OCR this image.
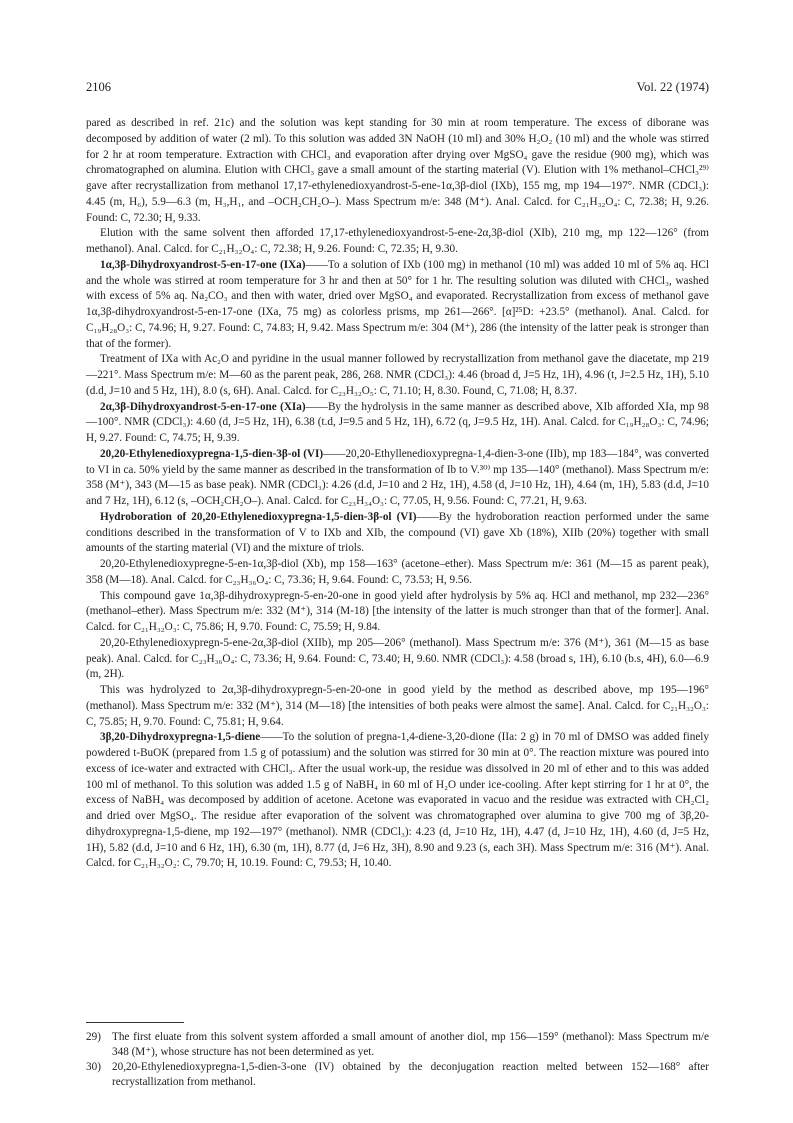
2106	Vol. 22 (1974)

pared as described in ref. 21c) and the solution was kept standing for 30 min at room temperature. The excess of diborane was decomposed by addition of water (2 ml). To this solution was added 3N NaOH (10 ml) and 30% H₂O₂ (10 ml) and the whole was stirred for 2 hr at room temperature. Extraction with CHCl₃ and evaporation after drying over MgSO₄ gave the residue (900 mg), which was chromatographed on alumina. Elution with CHCl₃ gave a small amount of the starting material (V). Elution with 1% methanol–CHCl₃²⁹⁾ gave after recrystallization from methanol 17,17-ethylenedioxyandrost-5-ene-1α,3β-diol (IXb), 155 mg, mp 194—197°. NMR (CDCl₃): 4.45 (m, H₆), 5.9—6.3 (m, H₃,H₁, and –OCH₂CH₂O–). Mass Spectrum m/e: 348 (M⁺). Anal. Calcd. for C₂₁H₃₂O₄: C, 72.38; H, 9.26. Found: C, 72.30; H, 9.33.

Elution with the same solvent then afforded 17,17-ethylenedioxyandrost-5-ene-2α,3β-diol (XIb), 210 mg, mp 122—126° (from methanol). Anal. Calcd. for C₂₁H₃₂O₄: C, 72.38; H, 9.26. Found: C, 72.35; H, 9.30.

1α,3β-Dihydroxyandrost-5-en-17-one (IXa)——To a solution of IXb (100 mg) in methanol (10 ml) was added 10 ml of 5% aq. HCl and the whole was stirred at room temperature for 3 hr and then at 50° for 1 hr. The resulting solution was diluted with CHCl₃, washed with excess of 5% aq. Na₂CO₃ and then with water, dried over MgSO₄ and evaporated. Recrystallization from excess of methanol gave 1α,3β-dihydroxyandrost-5-en-17-one (IXa, 75 mg) as colorless prisms, mp 261—266°. [α]²⁵D: +23.5° (methanol). Anal. Calcd. for C₁₉H₂₈O₃: C, 74.96; H, 9.27. Found: C, 74.83; H, 9.42. Mass Spectrum m/e: 304 (M⁺), 286 (the intensity of the latter peak is stronger than that of the former).

Treatment of IXa with Ac₂O and pyridine in the usual manner followed by recrystallization from methanol gave the diacetate, mp 219—221°. Mass Spectrum m/e: M—60 as the parent peak, 286, 268. NMR (CDCl₃): 4.46 (broad d, J=5 Hz, 1H), 4.96 (t, J=2.5 Hz, 1H), 5.10 (d.d, J=10 and 5 Hz, 1H), 8.0 (s, 6H). Anal. Calcd. for C₂₃H₃₂O₅: C, 71.10; H, 8.30. Found, C, 71.08; H, 8.37.

2α,3β-Dihydroxyandrost-5-en-17-one (XIa)——By the hydrolysis in the same manner as described above, XIb afforded XIa, mp 98—100°. NMR (CDCl₃): 4.60 (d, J=5 Hz, 1H), 6.38 (t.d, J=9.5 and 5 Hz, 1H), 6.72 (q, J=9.5 Hz, 1H). Anal. Calcd. for C₁₉H₂₈O₃: C, 74.96; H, 9.27. Found: C, 74.75; H, 9.39.

20,20-Ethylenedioxypregna-1,5-dien-3β-ol (VI)——20,20-Ethyllenedioxypregna-1,4-dien-3-one (IIb), mp 183—184°, was converted to VI in ca. 50% yield by the same manner as described in the transformation of Ib to V.³⁰⁾ mp 135—140° (methanol). Mass Spectrum m/e: 358 (M⁺), 343 (M—15 as base peak). NMR (CDCl₃): 4.26 (d.d, J=10 and 2 Hz, 1H), 4.58 (d, J=10 Hz, 1H), 4.64 (m, 1H), 5.83 (d.d, J=10 and 7 Hz, 1H), 6.12 (s, –OCH₂CH₂O–). Anal. Calcd. for C₂₃H₃₄O₃: C, 77.05, H, 9.56. Found: C, 77.21, H, 9.63.

Hydroboration of 20,20-Ethylenedioxypregna-1,5-dien-3β-ol (VI)——By the hydroboration reaction performed under the same conditions described in the transformation of V to IXb and XIb, the compound (VI) gave Xb (18%), XIIb (20%) together with small amounts of the starting material (VI) and the mixture of triols.

20,20-Ethylenedioxypregne-5-en-1α,3β-diol (Xb), mp 158—163° (acetone–ether). Mass Spectrum m/e: 361 (M—15 as parent peak), 358 (M—18). Anal. Calcd. for C₂₃H₃₆O₄: C, 73.36; H, 9.64. Found: C, 73.53; H, 9.56.

This compound gave 1α,3β-dihydroxypregn-5-en-20-one in good yield after hydrolysis by 5% aq. HCl and methanol, mp 232—236° (methanol–ether). Mass Spectrum m/e: 332 (M⁺), 314 (M-18) [the intensity of the latter is much stronger than that of the former]. Anal. Calcd. for C₂₁H₃₂O₃: C, 75.86; H, 9.70. Found: C, 75.59; H, 9.84.

20,20-Ethylenedioxypregn-5-ene-2α,3β-diol (XIIb), mp 205—206° (methanol). Mass Spectrum m/e: 376 (M⁺), 361 (M—15 as base peak). Anal. Calcd. for C₂₃H₃₆O₄: C, 73.36; H, 9.64. Found: C, 73.40; H, 9.60. NMR (CDCl₃): 4.58 (broad s, 1H), 6.10 (b.s, 4H), 6.0—6.9 (m, 2H).

This was hydrolyzed to 2α,3β-dihydroxypregn-5-en-20-one in good yield by the method as described above, mp 195—196° (methanol). Mass Spectrum m/e: 332 (M⁺), 314 (M—18) [the intensities of both peaks were almost the same]. Anal. Calcd. for C₂₁H₃₂O₃: C, 75.85; H, 9.70. Found: C, 75.81; H, 9.64.

3β,20-Dihydroxypregna-1,5-diene——To the solution of pregna-1,4-diene-3,20-dione (IIa: 2 g) in 70 ml of DMSO was added finely powdered t-BuOK (prepared from 1.5 g of potassium) and the solution was stirred for 30 min at 0°. The reaction mixture was poured into excess of ice-water and extracted with CHCl₃. After the usual work-up, the residue was dissolved in 20 ml of ether and to this was added 100 ml of methanol. To this solution was added 1.5 g of NaBH₄ in 60 ml of H₂O under ice-cooling. After kept stirring for 1 hr at 0°, the excess of NaBH₄ was decomposed by addition of acetone. Acetone was evaporated in vacuo and the residue was extracted with CH₂Cl₂ and dried over MgSO₄. The residue after evaporation of the solvent was chromatographed over alumina to give 700 mg of 3β,20-dihydroxypregna-1,5-diene, mp 192—197° (methanol). NMR (CDCl₃): 4.23 (d, J=10 Hz, 1H), 4.47 (d, J=10 Hz, 1H), 4.60 (d, J=5 Hz, 1H), 5.82 (d.d, J=10 and 6 Hz, 1H), 6.30 (m, 1H), 8.77 (d, J=6 Hz, 3H), 8.90 and 9.23 (s, each 3H). Mass Spectrum m/e: 316 (M⁺). Anal. Calcd. for C₂₁H₃₂O₂: C, 79.70; H, 10.19. Found: C, 79.53; H, 10.40.

29) The first eluate from this solvent system afforded a small amount of another diol, mp 156—159° (methanol): Mass Spectrum m/e 348 (M⁺), whose structure has not been determined as yet.
30) 20,20-Ethylenedioxypregna-1,5-dien-3-one (IV) obtained by the deconjugation reaction melted between 152—168° after recrystallization from methanol.
